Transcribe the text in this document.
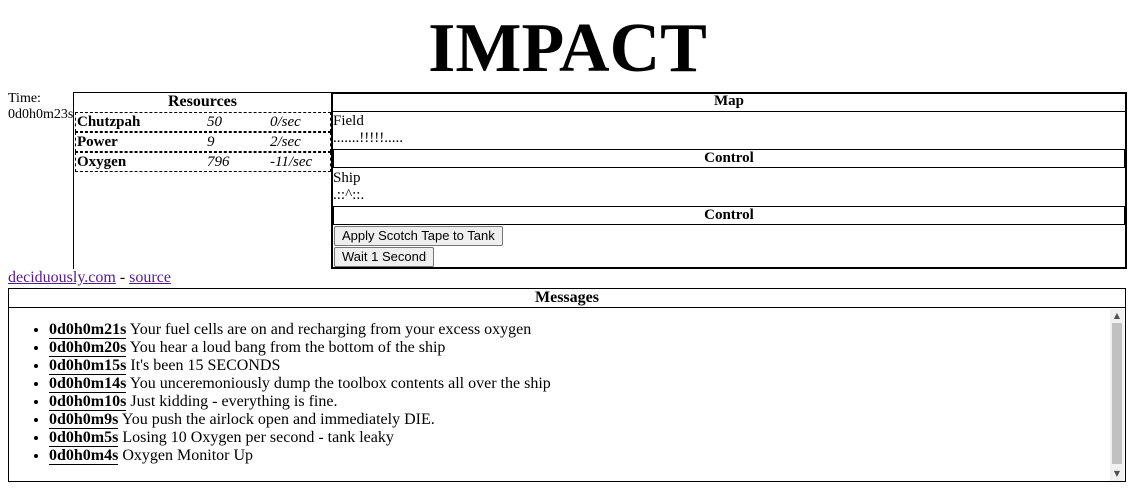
IMPACT
Time:
0d0h0m23s
Resources
Chutzpah	50	0/sec
Power	9	2/sec
Oxygen	796	-11/sec
Map
Field
.......!!!!!.....
Control
Ship
.::^::.
Control
Apply Scotch Tape to Tank
Wait 1 Second
deciduously.com - source
Messages
• 0d0h0m21s Your fuel cells are on and recharging from your excess oxygen
• 0d0h0m20s You hear a loud bang from the bottom of the ship
• 0d0h0m15s It's been 15 SECONDS
• 0d0h0m14s You unceremoniously dump the toolbox contents all over the ship
• 0d0h0m10s Just kidding - everything is fine.
• 0d0h0m9s You push the airlock open and immediately DIE.
• 0d0h0m5s Losing 10 Oxygen per second - tank leaky
• 0d0h0m4s Oxygen Monitor Up
▲
▼
